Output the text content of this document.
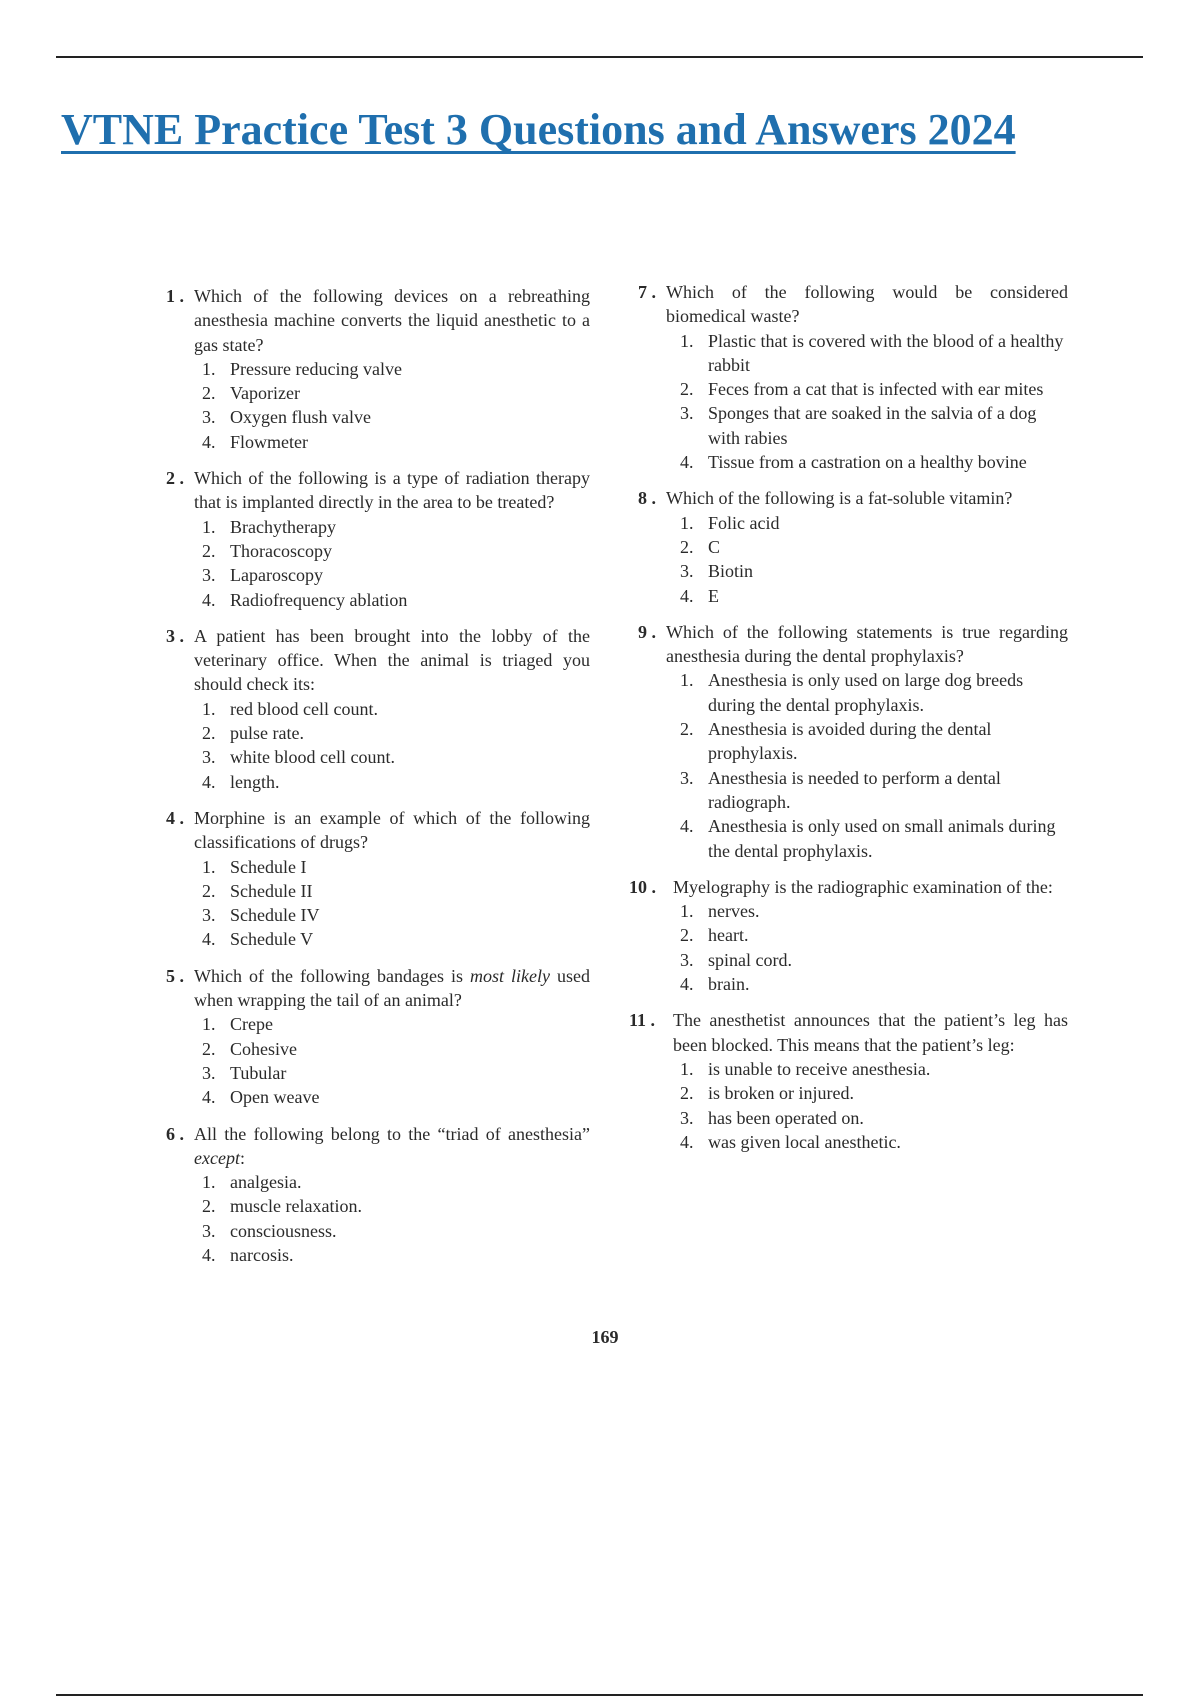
VTNE Practice Test 3 Questions and Answers 2024
1 . Which of the following devices on a rebreathing anesthesia machine converts the liquid anesthetic to a gas state?
1. Pressure reducing valve
2. Vaporizer
3. Oxygen flush valve
4. Flowmeter
2 . Which of the following is a type of radiation therapy that is implanted directly in the area to be treated?
1. Brachytherapy
2. Thoracoscopy
3. Laparoscopy
4. Radiofrequency ablation
3 . A patient has been brought into the lobby of the veterinary office. When the animal is triaged you should check its:
1. red blood cell count.
2. pulse rate.
3. white blood cell count.
4. length.
4 . Morphine is an example of which of the following classifications of drugs?
1. Schedule I
2. Schedule II
3. Schedule IV
4. Schedule V
5 . Which of the following bandages is most likely used when wrapping the tail of an animal?
1. Crepe
2. Cohesive
3. Tubular
4. Open weave
6 . All the following belong to the “triad of anesthesia” except:
1. analgesia.
2. muscle relaxation.
3. consciousness.
4. narcosis.
7 . Which of the following would be considered biomedical waste?
1. Plastic that is covered with the blood of a healthy rabbit
2. Feces from a cat that is infected with ear mites
3. Sponges that are soaked in the salvia of a dog with rabies
4. Tissue from a castration on a healthy bovine
8 . Which of the following is a fat-soluble vitamin?
1. Folic acid
2. C
3. Biotin
4. E
9 . Which of the following statements is true regarding anesthesia during the dental prophylaxis?
1. Anesthesia is only used on large dog breeds during the dental prophylaxis.
2. Anesthesia is avoided during the dental prophylaxis.
3. Anesthesia is needed to perform a dental radiograph.
4. Anesthesia is only used on small animals during the dental prophylaxis.
10 . Myelography is the radiographic examination of the:
1. nerves.
2. heart.
3. spinal cord.
4. brain.
11 . The anesthetist announces that the patient’s leg has been blocked. This means that the patient’s leg:
1. is unable to receive anesthesia.
2. is broken or injured.
3. has been operated on.
4. was given local anesthetic.
169
